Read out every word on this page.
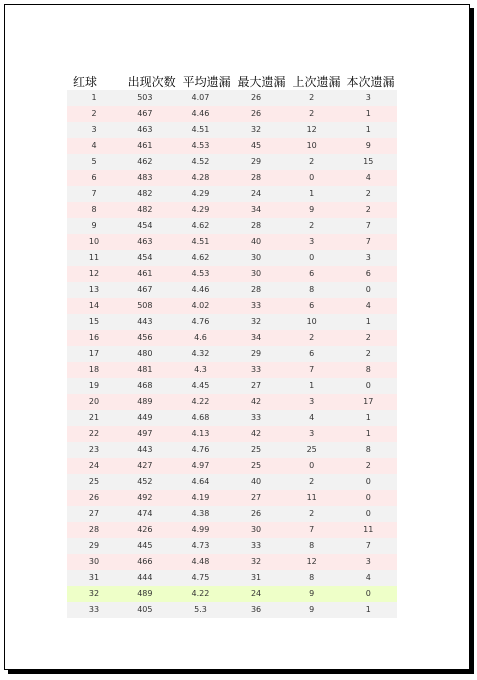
红球	出现次数 平均遗漏 最大遗漏 上次遗漏 本次遗漏
1	503	4.07	26	2	3
2	467	4.46	26	2	1
3	463	4.51	32	12	1
4	461	4.53	45	10	9
5	462	4.52	29	2	15
6	483	4.28	28	0	4
7	482	4.29	24	1	2
8	482	4.29	34	9	2
9	454	4.62	28	2	7
10	463	4.51	40	3	7
11	454	4.62	30	0	3
12	461	4.53	30	6	6
13	467	4.46	28	8	0
14	508	4.02	33	6	4
15	443	4.76	32	10	1
16	456	4.6	34	2	2
17	480	4.32	29	6	2
18	481	4.3	33	7	8
19	468	4.45	27	1	0
20	489	4.22	42	3	17
21	449	4.68	33	4	1
22	497	4.13	42	3	1
23	443	4.76	25	25	8
24	427	4.97	25	0	2
25	452	4.64	40	2	0
26	492	4.19	27	11	0
27	474	4.38	26	2	0
28	426	4.99	30	7	11
29	445	4.73	33	8	7
30	466	4.48	32	12	3
31	444	4.75	31	8	4
32	489	4.22	24	9	0
33	405	5.3	36	9	1
